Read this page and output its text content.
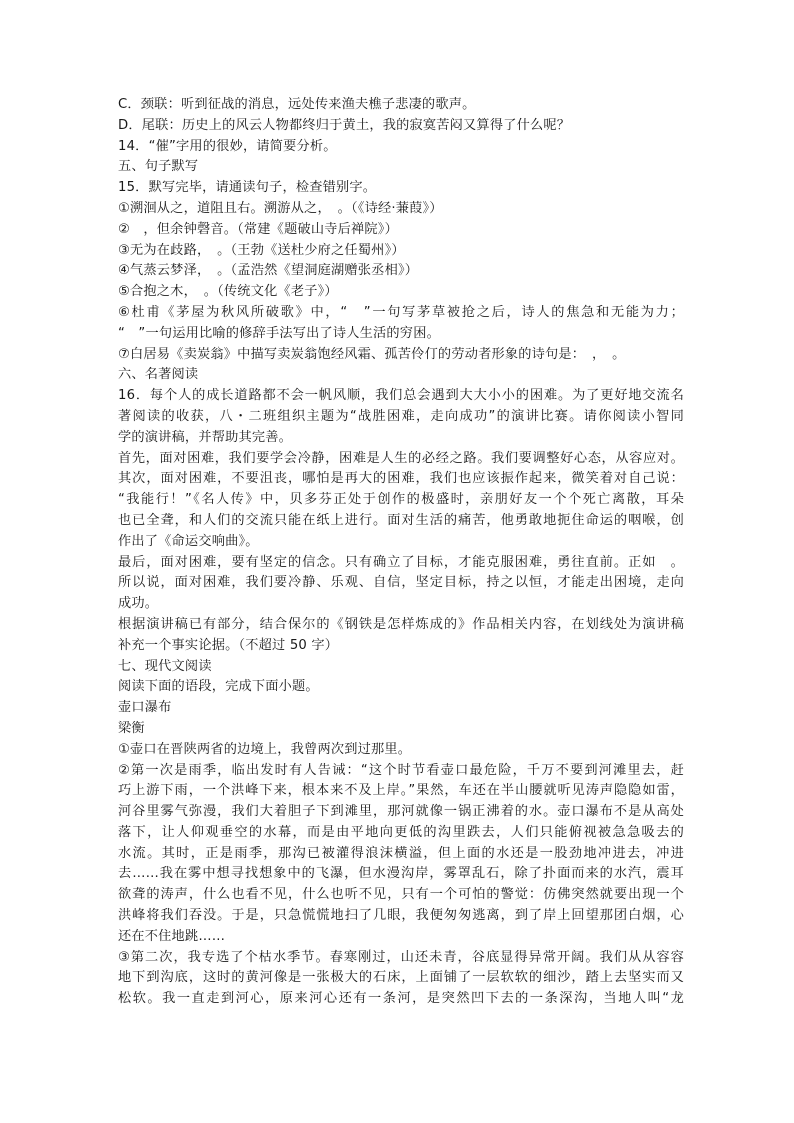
C．颈联：听到征战的消息，远处传来渔夫樵子悲凄的歌声。
D．尾联：历史上的风云人物都终归于黄土，我的寂寞苦闷又算得了什么呢？
14．“催”字用的很妙，请简要分析。
五、句子默写
15．默写完毕，请通读句子，检查错别字。
①溯洄从之，道阻且右。溯游从之，　。（《诗经·蒹葭》）
②　，但余钟磬音。（常建《题破山寺后禅院》）
③无为在歧路，　。（王勃《送杜少府之任蜀州》）
④气蒸云梦泽，　。（孟浩然《望洞庭湖赠张丞相》）
⑤合抱之木，　。（传统文化《老子》）
⑥杜甫《茅屋为秋风所破歌》中，“　”一句写茅草被抢之后，诗人的焦急和无能为力；
“　”一句运用比喻的修辞手法写出了诗人生活的穷困。
⑦白居易《卖炭翁》中描写卖炭翁饱经风霜、孤苦伶仃的劳动者形象的诗句是：　，　。
六、名著阅读
16．每个人的成长道路都不会一帆风顺，我们总会遇到大大小小的困难。为了更好地交流名
著阅读的收获，八・二班组织主题为“战胜困难，走向成功”的演讲比赛。请你阅读小智同
学的演讲稿，并帮助其完善。
首先，面对困难，我们要学会冷静，困难是人生的必经之路。我们要调整好心态，从容应对。
其次，面对困难，不要沮丧，哪怕是再大的困难，我们也应该振作起来，微笑着对自己说：
“我能行！”《名人传》中，贝多芬正处于创作的极盛时，亲朋好友一个个死亡离散，耳朵
也已全聋，和人们的交流只能在纸上进行。面对生活的痛苦，他勇敢地扼住命运的咽喉，创
作出了《命运交响曲》。
最后，面对困难，要有坚定的信念。只有确立了目标，才能克服困难，勇往直前。正如　。
所以说，面对困难，我们要冷静、乐观、自信，坚定目标，持之以恒，才能走出困境，走向
成功。
根据演讲稿已有部分，结合保尔的《钢铁是怎样炼成的》作品相关内容，在划线处为演讲稿
补充一个事实论据。（不超过 50 字）
七、现代文阅读
阅读下面的语段，完成下面小题。
壶口瀑布
梁衡
①壶口在晋陕两省的边境上，我曾两次到过那里。
②第一次是雨季，临出发时有人告诫：“这个时节看壶口最危险，千万不要到河滩里去，赶
巧上游下雨，一个洪峰下来，根本来不及上岸。”果然，车还在半山腰就听见涛声隐隐如雷，
河谷里雾气弥漫，我们大着胆子下到滩里，那河就像一锅正沸着的水。壶口瀑布不是从高处
落下，让人仰观垂空的水幕，而是由平地向更低的沟里跌去，人们只能俯视被急急吸去的
水流。其时，正是雨季，那沟已被灌得浪沫横溢，但上面的水还是一股劲地冲进去，冲进
去……我在雾中想寻找想象中的飞瀑，但水漫沟岸，雾罩乱石，除了扑面而来的水汽，震耳
欲聋的涛声，什么也看不见，什么也听不见，只有一个可怕的警觉：仿佛突然就要出现一个
洪峰将我们吞没。于是，只急慌慌地扫了几眼，我便匆匆逃离，到了岸上回望那团白烟，心
还在不住地跳……
③第二次，我专选了个枯水季节。春寒刚过，山还未青，谷底显得异常开阔。我们从从容容
地下到沟底，这时的黄河像是一张极大的石床，上面铺了一层软软的细沙，踏上去坚实而又
松软。我一直走到河心，原来河心还有一条河，是突然凹下去的一条深沟，当地人叫“龙
